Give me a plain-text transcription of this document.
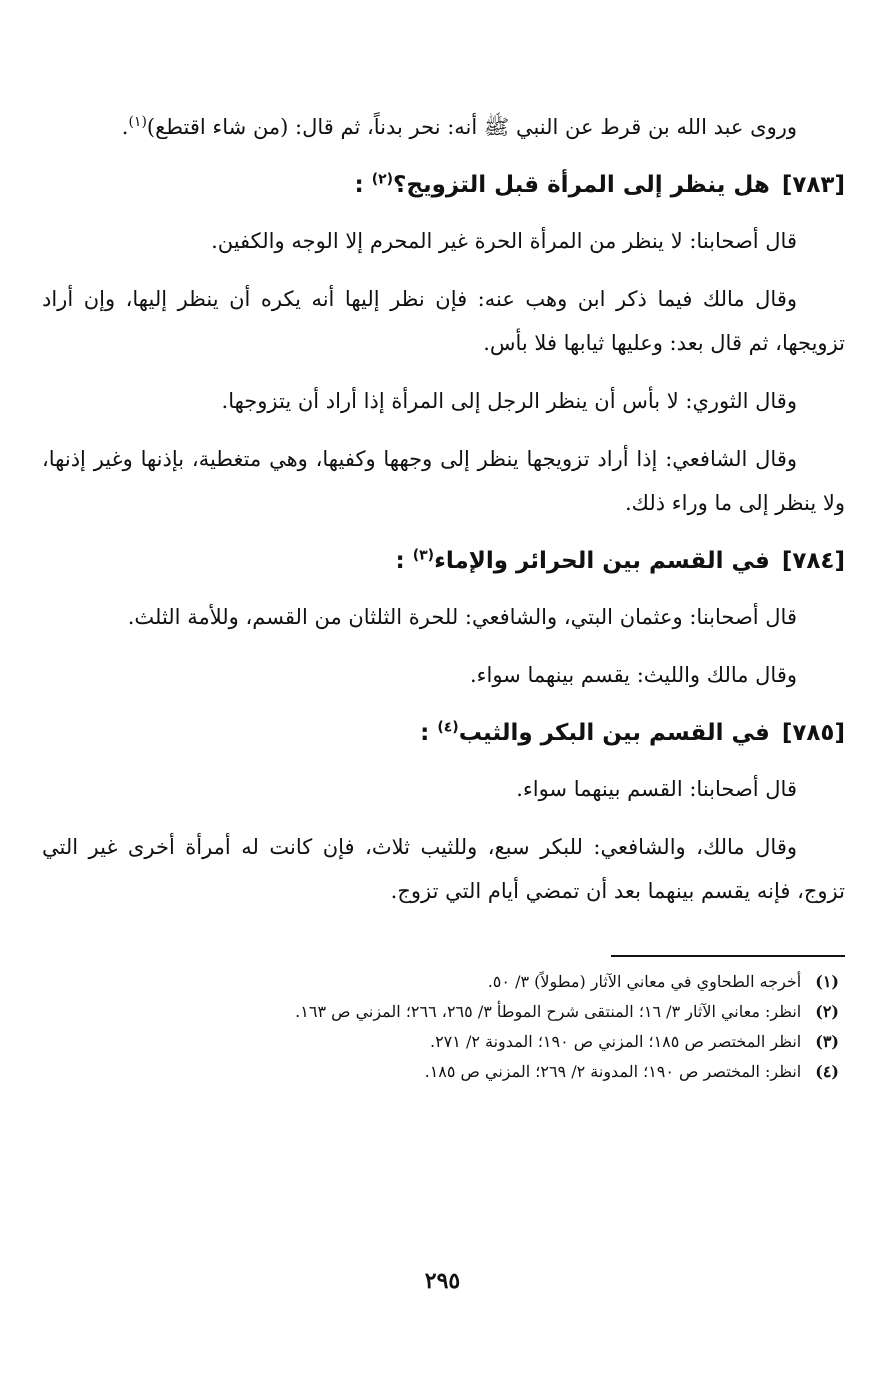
وروى عبد الله بن قرط عن النبي ﷺ أنه: نحر بدناً، ثم قال: (من شاء اقتطع)$^{(١)}$.

[٧٨٣]هل ينظر إلى المرأة قبل التزويج؟$^{(٢)}$ :

قال أصحابنا: لا ينظر من المرأة الحرة غير المحرم إلا الوجه والكفين.

وقال مالك فيما ذكر ابن وهب عنه: فإن نظر إليها أنه يكره أن ينظر إليها، وإن أراد تزويجها، ثم قال بعد: وعليها ثيابها فلا بأس.

وقال الثوري: لا بأس أن ينظر الرجل إلى المرأة إذا أراد أن يتزوجها.

وقال الشافعي: إذا أراد تزويجها ينظر إلى وجهها وكفيها، وهي متغطية، بإذنها وغير إذنها، ولا ينظر إلى ما وراء ذلك.

[٧٨٤]في القسم بين الحرائر والإماء$^{(٣)}$ :

قال أصحابنا: وعثمان البتي، والشافعي: للحرة الثلثان من القسم، وللأمة الثلث.

وقال مالك والليث: يقسم بينهما سواء.

[٧٨٥]في القسم بين البكر والثيب$^{(٤)}$ :

قال أصحابنا: القسم بينهما سواء.

وقال مالك، والشافعي: للبكر سبع، وللثيب ثلاث، فإن كانت له أمرأة أخرى غير التي تزوج، فإنه يقسم بينهما بعد أن تمضي أيام التي تزوج.

(١)أخرجه الطحاوي في معاني الآثار (مطولاً) ٣/ ٥٠.
(٢)انظر: معاني الآثار ٣/ ١٦؛ المنتقى شرح الموطأ ٣/ ٢٦٥، ٢٦٦؛ المزني ص ١٦٣.
(٣)انظر المختصر ص ١٨٥؛ المزني ص ١٩٠؛ المدونة ٢/ ٢٧١.
(٤)انظر: المختصر ص ١٩٠؛ المدونة ٢/ ٢٦٩؛ المزني ص ١٨٥.
٢٩٥
